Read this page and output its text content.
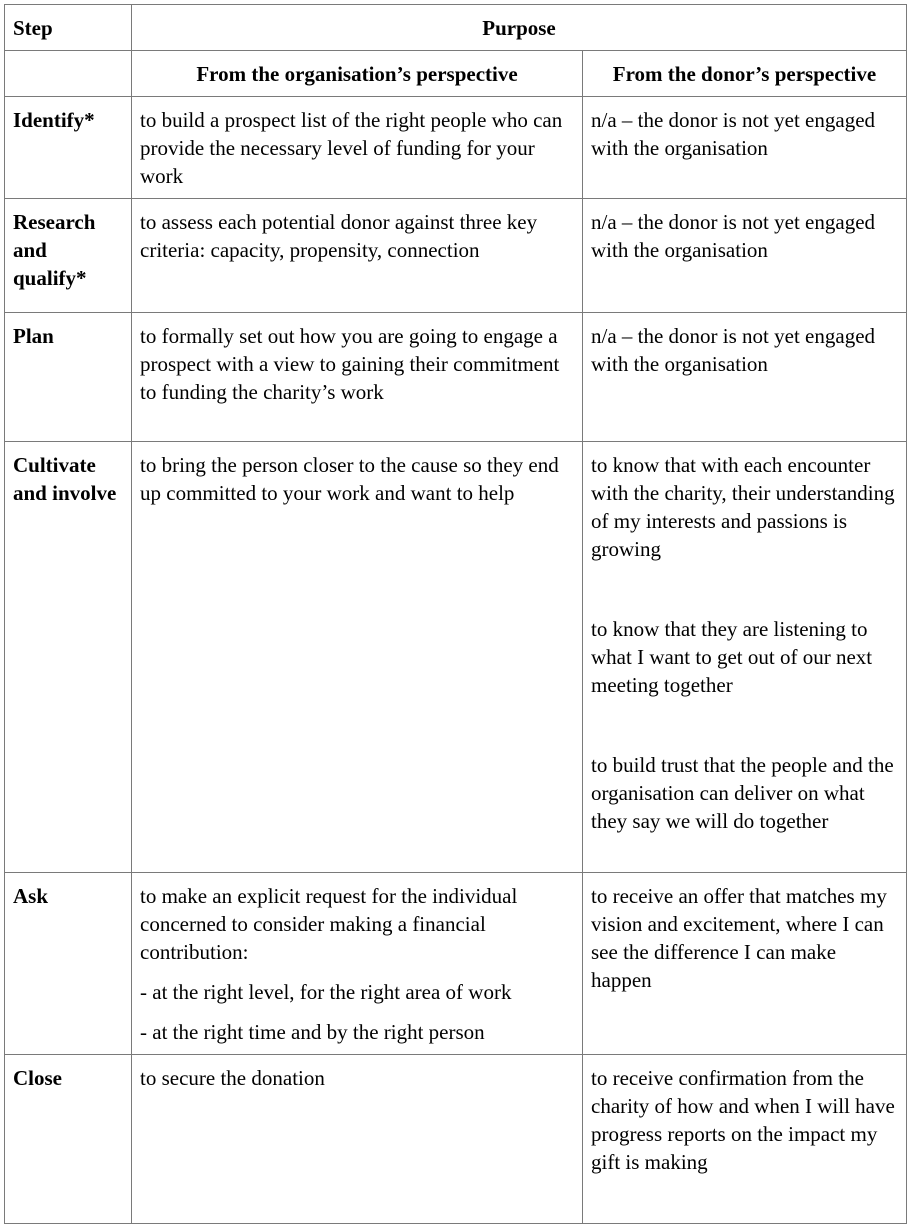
Step	Purpose	
	From the organisation’s perspective	From the donor’s perspective
Identify*	to build a prospect list of the right people who can provide the necessary level of funding for your work	n/a – the donor is not yet engaged with the organisation
Research and qualify*	to assess each potential donor against three key criteria: capacity, propensity, connection	n/a – the donor is not yet engaged with the organisation
Plan	to formally set out how you are going to engage a prospect with a view to gaining their commitment to funding the charity’s work	n/a – the donor is not yet engaged with the organisation
Cultivate and involve	to bring the person closer to the cause so they end up committed to your work and want to help	to know that with each encounter with the charity, their understanding of my interests and passions is growing
to know that they are listening to what I want to get out of our next meeting together
to build trust that the people and the organisation can deliver on what they say we will do together

Ask	to make an explicit request for the individual concerned to consider making a financial contribution:
- at the right level, for the right area of work
- at the right time and by the right person	to receive an offer that matches my vision and excitement, where I can see the difference I can make happen
Close	to secure the donation	to receive confirmation from the charity of how and when I will have progress reports on the impact my gift is making
